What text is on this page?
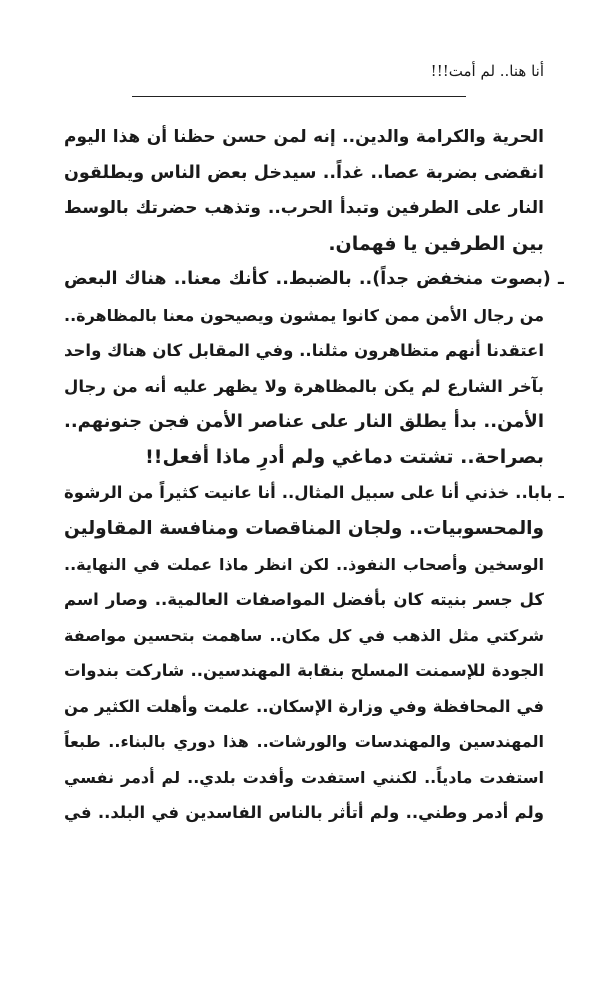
أنا هنا.. لم أمت!!!
الحرية والكرامة والدين.. إنه لمن حسن حظنا أن هذا اليوم
انقضى بضربة عصا.. غداً.. سيدخل بعض الناس ويطلقون
النار على الطرفين وتبدأ الحرب.. وتذهب حضرتك بالوسط
بين الطرفين يا فهمان.
ـ (بصوت منخفض جداً).. بالضبط.. كأنك معنا.. هناك البعض
من رجال الأمن ممن كانوا يمشون ويصيحون معنا بالمظاهرة..
اعتقدنا أنهم متظاهرون مثلنا.. وفي المقابل كان هناك واحد
بآخر الشارع لم يكن بالمظاهرة ولا يظهر عليه أنه من رجال
الأمن.. بدأ يطلق النار على عناصر الأمن فجن جنونهم..
بصراحة.. تشتت دماغي ولم أدرِ ماذا أفعل!!
ـ بابا.. خذني أنا على سبيل المثال.. أنا عانيت كثيراً من الرشوة
والمحسوبيات.. ولجان المناقصات ومنافسة المقاولين
الوسخين وأصحاب النفوذ.. لكن انظر ماذا عملت في النهاية..
كل جسر بنيته كان بأفضل المواصفات العالمية.. وصار اسم
شركتي مثل الذهب في كل مكان.. ساهمت بتحسين مواصفة
الجودة للإسمنت المسلح بنقابة المهندسين.. شاركت بندوات
في المحافظة وفي وزارة الإسكان.. علمت وأهلت الكثير من
المهندسين والمهندسات والورشات.. هذا دوري بالبناء.. طبعاً
استفدت مادياً.. لكنني استفدت وأفدت بلدي.. لم أدمر نفسي
ولم أدمر وطني.. ولم أتأثر بالناس الفاسدين في البلد.. في
